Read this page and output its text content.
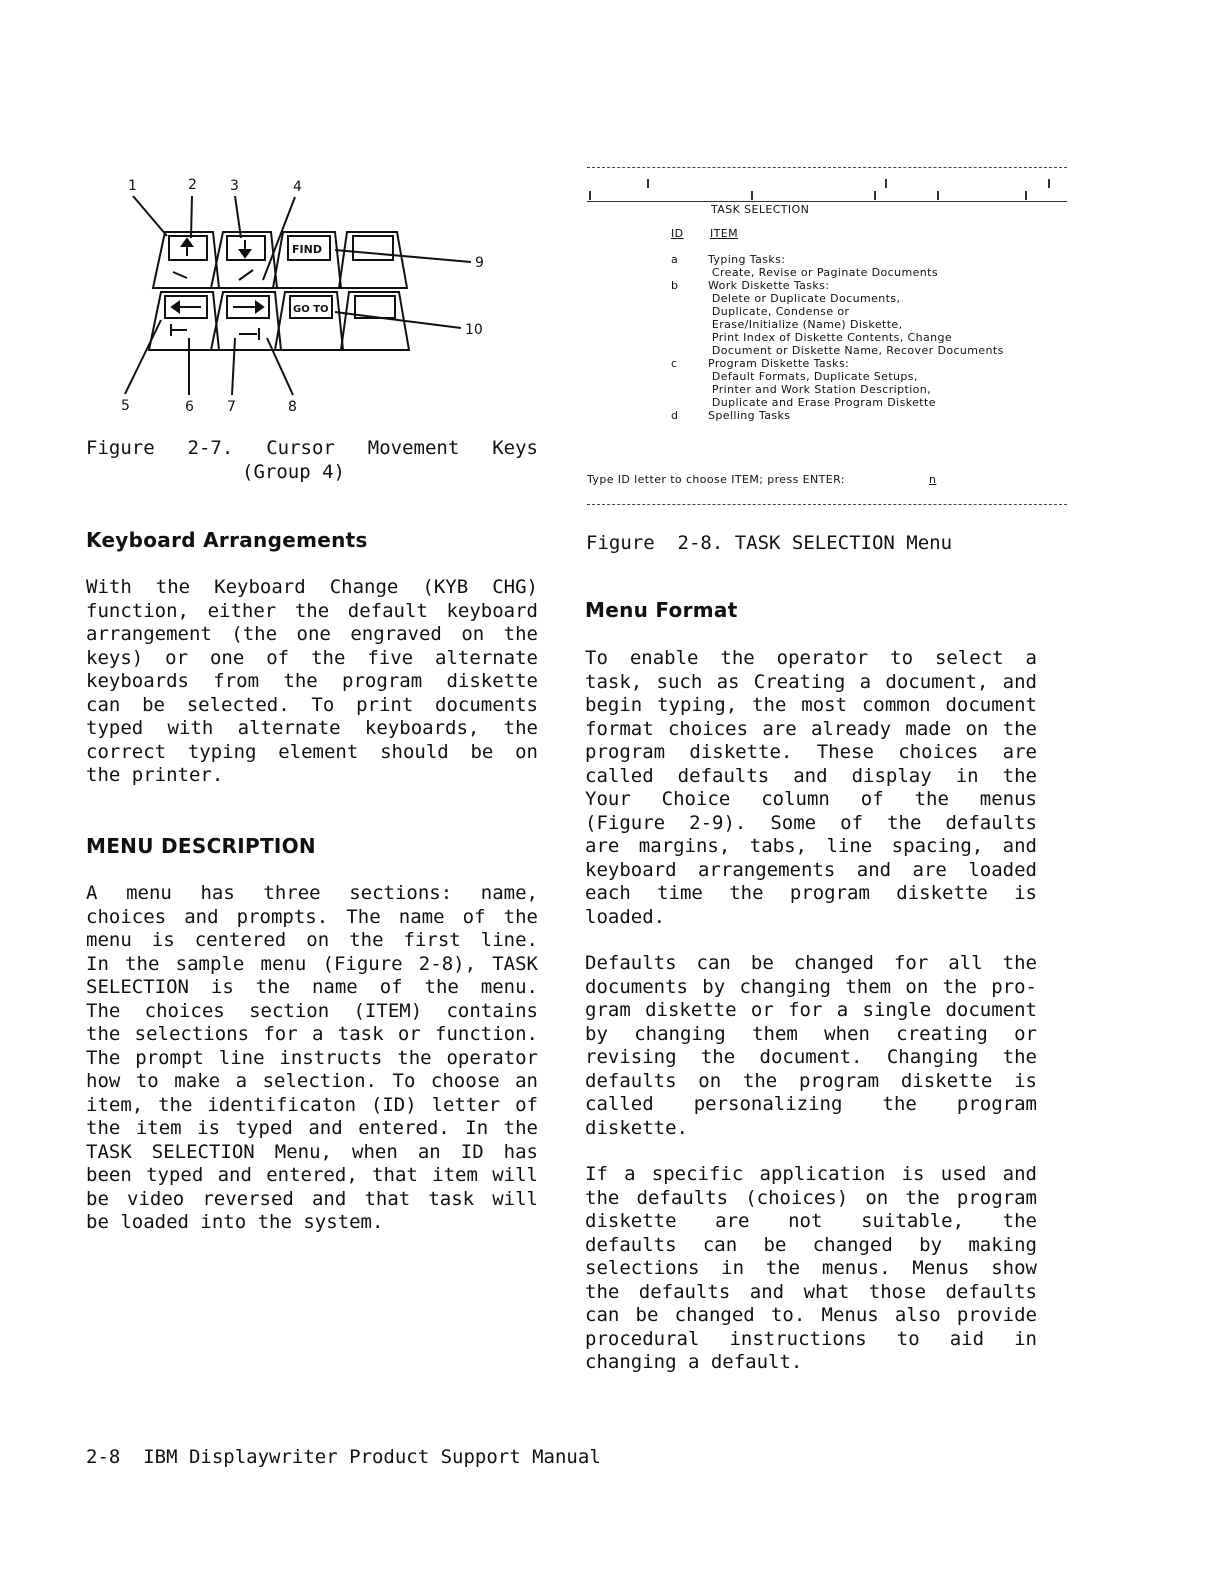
1	2 3	4
9
10
5	6 7	8
FIND
GO TO
Figure 2-7. Cursor Movement Keys
(Group 4)
TASK SELECTION
ID ITEM
a	Typing Tasks:
Create, Revise or Paginate Documents
b	Work Diskette Tasks:
Delete or Duplicate Documents,
Duplicate, Condense or
Erase/Initialize (Name) Diskette,
Print Index of Diskette Contents, Change
Document or Diskette Name, Recover Documents
c	Program Diskette Tasks:
Default Formats, Duplicate Setups,
Printer and Work Station Description,
Duplicate and Erase Program Diskette
d	Spelling Tasks
Type ID letter to choose ITEM; press ENTER:	n
Figure  2-8. TASK SELECTION Menu
Keyboard Arrangements
With the Keyboard Change (KYB CHG)
function, either the default keyboard
arrangement (the one engraved on the
keys) or one of the five alternate
keyboards from the program diskette
can be selected. To print documents
typed with alternate keyboards, the
correct typing element should be on
the printer.
MENU DESCRIPTION
A menu has three sections: name,
choices and prompts. The name of the
menu is centered on the first line.
In the sample menu (Figure 2-8), TASK
SELECTION is the name of the menu.
The choices section (ITEM) contains
the selections for a task or function.
The prompt line instructs the operator
how to make a selection. To choose an
item, the identificaton (ID) letter of
the item is typed and entered. In the
TASK SELECTION Menu, when an ID has
been typed and entered, that item will
be video reversed and that task will
be loaded into the system.
Menu Format
To enable the operator to select a
task, such as Creating a document, and
begin typing, the most common document
format choices are already made on the
program diskette. These choices are
called defaults and display in the
Your Choice column of the menus
(Figure 2-9). Some of the defaults
are margins, tabs, line spacing, and
keyboard arrangements and are loaded
each time the program diskette is
loaded.
Defaults can be changed for all the
documents by changing them on the pro-
gram diskette or for a single document
by changing them when creating or
revising the document. Changing the
defaults on the program diskette is
called personalizing the program
diskette.
If a specific application is used and
the defaults (choices) on the program
diskette are not suitable, the
defaults can be changed by making
selections in the menus. Menus show
the defaults and what those defaults
can be changed to. Menus also provide
procedural instructions to aid in
changing a default.
2-8  IBM Displaywriter Product Support Manual
